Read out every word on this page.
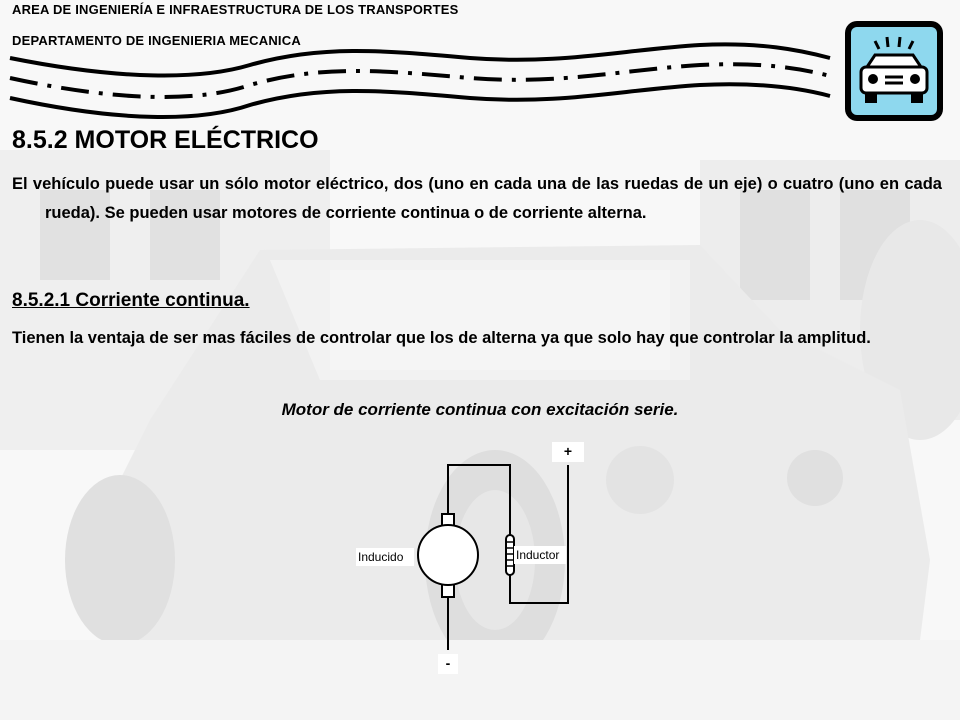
AREA DE INGENIERÍA E INFRAESTRUCTURA DE LOS TRANSPORTES
DEPARTAMENTO DE INGENIERIA MECANICA
8.5.2 MOTOR ELÉCTRICO

El vehículo puede usar un sólo motor eléctrico, dos (uno en cada una de las ruedas de un eje) o cuatro (uno en cada rueda). Se pueden usar motores de corriente continua o de corriente alterna.

8.5.2.1 Corriente continua.

Tienen la ventaja de ser mas fáciles de controlar que los de alterna ya que solo hay que controlar la amplitud.

Motor de corriente continua con excitación serie.
+
Inducido	Inductor
-
